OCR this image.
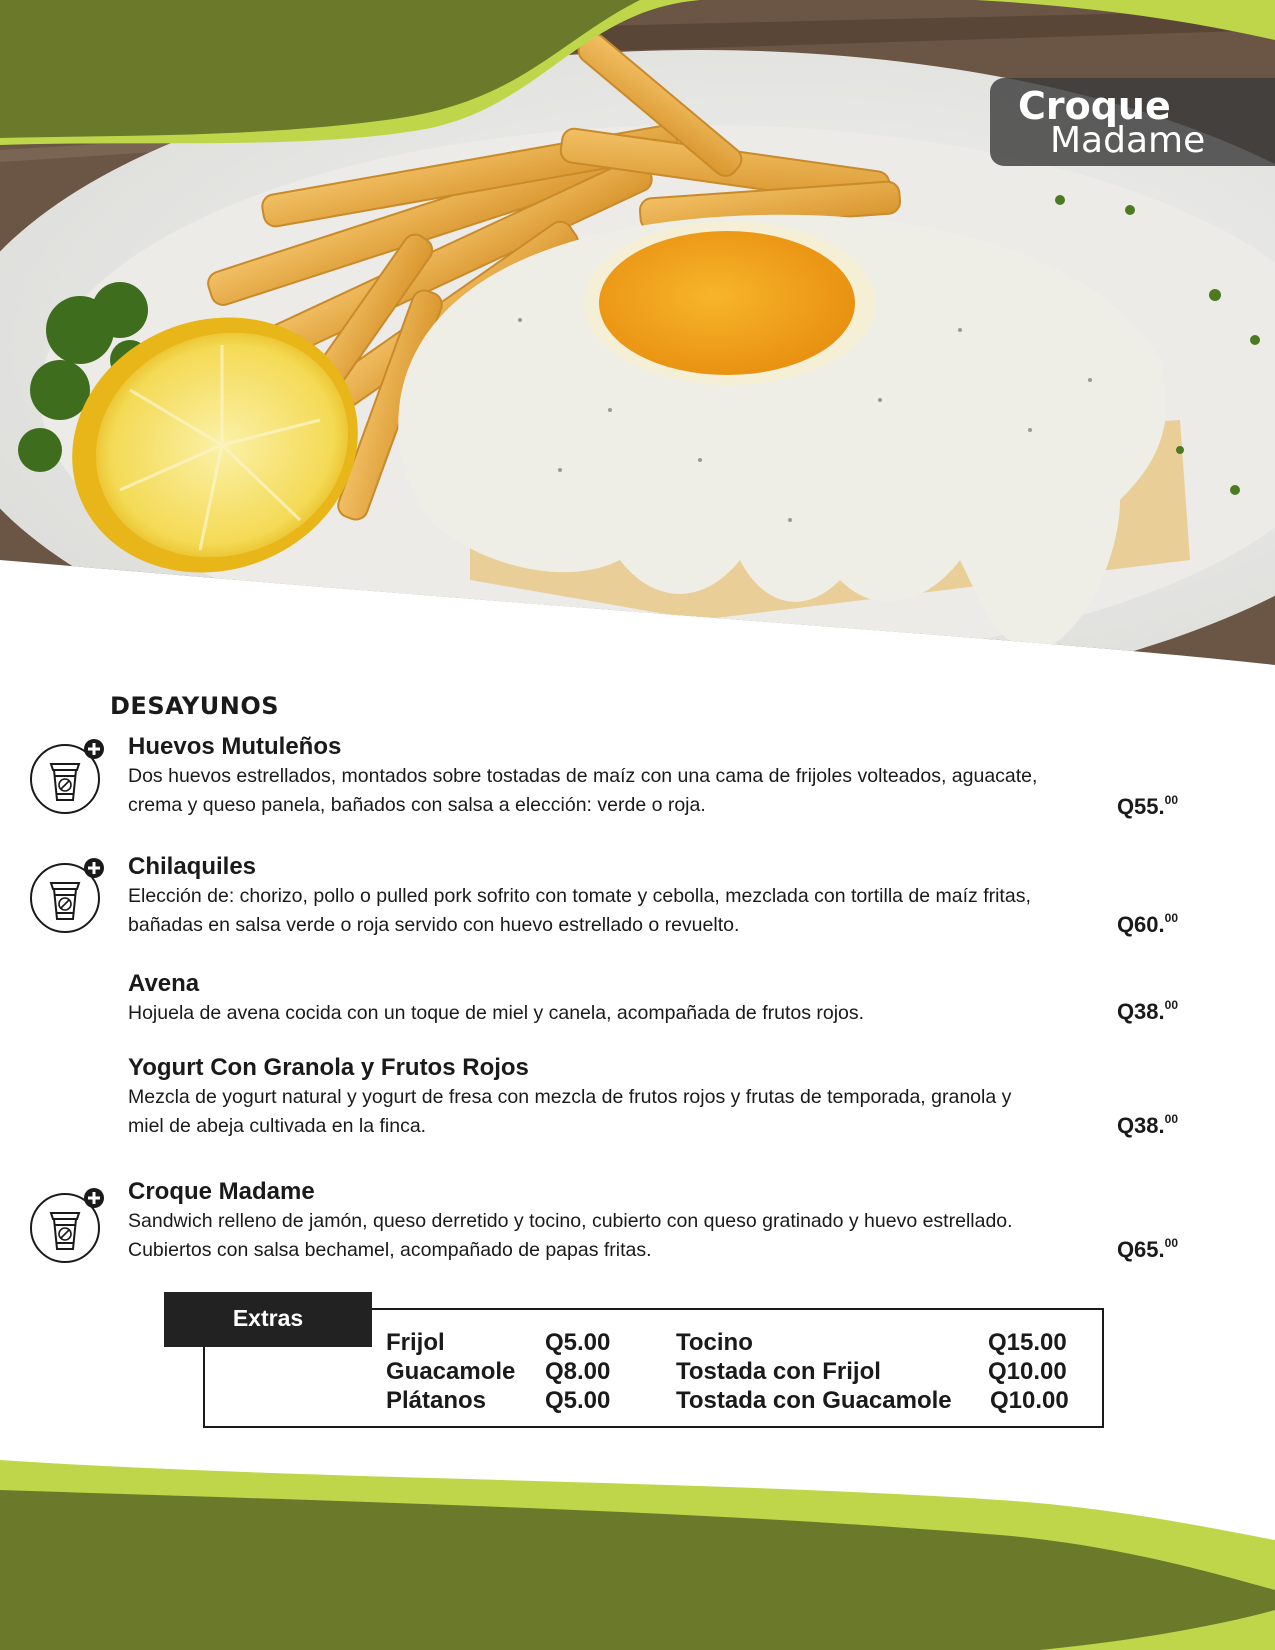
Croque
Madame
DESAYUNOS
Huevos Mutuleños
Dos huevos estrellados, montados sobre tostadas de maíz con una cama de frijoles volteados, aguacate, crema y queso panela, bañados con salsa a elección: verde o roja.	Q55.00
Chilaquiles
Elección de: chorizo, pollo o pulled pork sofrito con tomate y cebolla, mezclada con tortilla de maíz fritas, bañadas en salsa verde o roja servido con huevo estrellado o revuelto.	Q60.00
Avena
Hojuela de avena cocida con un toque de miel y canela, acompañada de frutos rojos.	Q38.00
Yogurt Con Granola y Frutos Rojos
Mezcla de yogurt natural y yogurt de fresa con mezcla de frutos rojos y frutas de temporada, granola y miel de abeja cultivada en la finca.	Q38.00
Croque Madame
Sandwich relleno de jamón, queso derretido y tocino, cubierto con queso gratinado y huevo estrellado. Cubiertos con salsa bechamel, acompañado de papas fritas.	Q65.00
Extras
Frijol	Q5.00
Guacamole Q8.00
Plátanos Q5.00
Tocino	Q15.00
Tostada con Frijol	Q10.00
Tostada con Guacamole Q10.00
